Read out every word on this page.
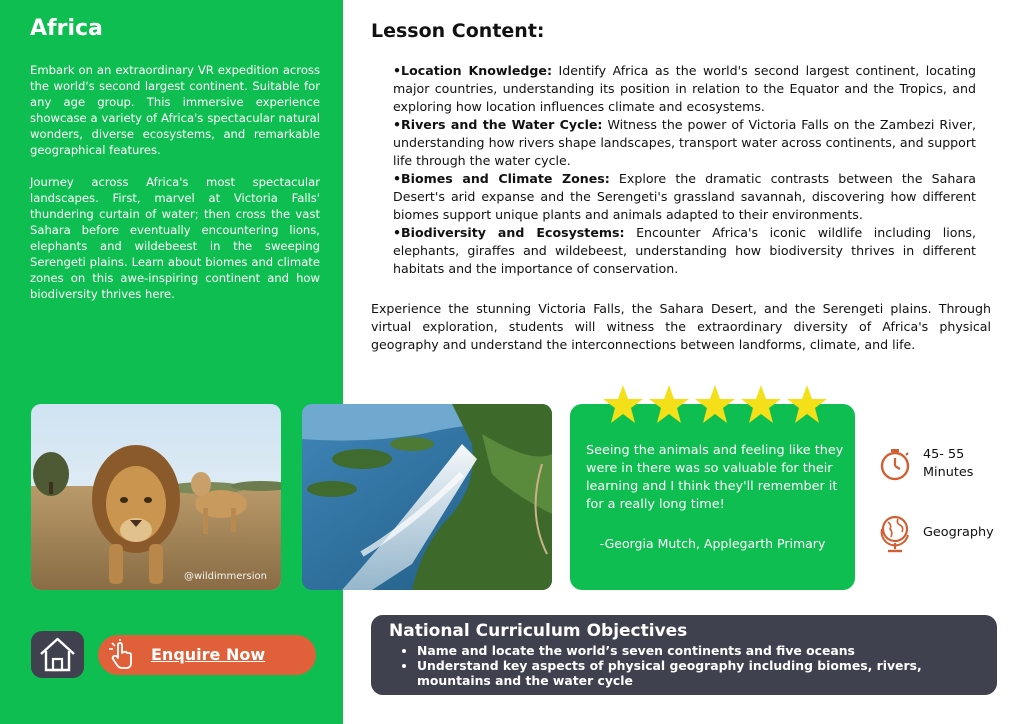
Africa

Embark on an extraordinary VR expedition across the world's second largest continent. Suitable for any age group. This immersive experience showcase a variety of Africa's spectacular natural wonders, diverse ecosystems, and remarkable geographical features.

Journey across Africa's most spectacular landscapes. First, marvel at Victoria Falls' thundering curtain of water; then cross the vast Sahara before eventually encountering lions, elephants and wildebeest in the sweeping Serengeti plains. Learn about biomes and climate zones on this awe-inspiring continent and how biodiversity thrives here.

Lesson Content:

•Location Knowledge: Identify Africa as the world's second largest continent, locating major countries, understanding its position in relation to the Equator and the Tropics, and exploring how location influences climate and ecosystems.

•Rivers and the Water Cycle: Witness the power of Victoria Falls on the Zambezi River, understanding how rivers shape landscapes, transport water across continents, and support life through the water cycle.

•Biomes and Climate Zones: Explore the dramatic contrasts between the Sahara Desert's arid expanse and the Serengeti's grassland savannah, discovering how different biomes support unique plants and animals adapted to their environments.

•Biodiversity and Ecosystems: Encounter Africa's iconic wildlife including lions, elephants, giraffes and wildebeest, understanding how biodiversity thrives in different habitats and the importance of conservation.

Experience the stunning Victoria Falls, the Sahara Desert, and the Serengeti plains. Through virtual exploration, students will witness the extraordinary diversity of Africa's physical geography and understand the interconnections between landforms, climate, and life.
@wildimmersion
Seeing the animals and feeling like they were in there was so valuable for their learning and I think they'll remember it for a really long time!
-Georgia Mutch, Applegarth Primary
45- 55
Minutes
Geography
Enquire Now
National Curriculum Objectives
• Name and locate the world’s seven continents and five oceans
• Understand key aspects of physical geography including biomes, rivers, mountains and the water cycle
